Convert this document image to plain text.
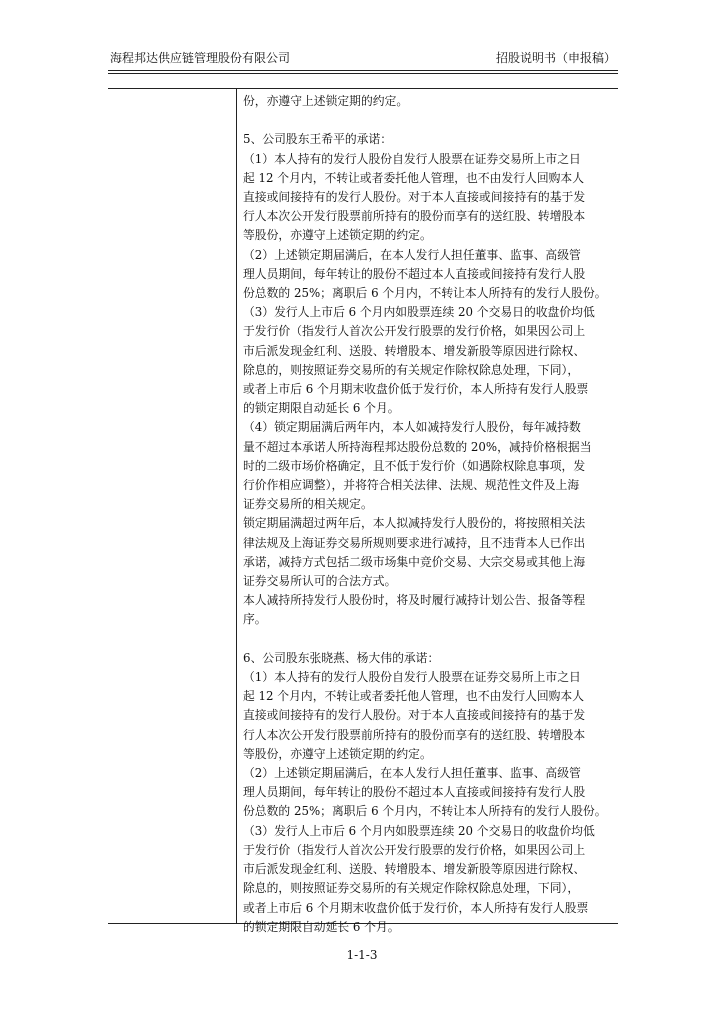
海程邦达供应链管理股份有限公司	招股说明书（申报稿）

份，亦遵守上述锁定期的约定。

5、公司股东王希平的承诺：

（1）本人持有的发行人股份自发行人股票在证券交易所上市之日

起 12 个月内，不转让或者委托他人管理，也不由发行人回购本人

直接或间接持有的发行人股份。对于本人直接或间接持有的基于发

行人本次公开发行股票前所持有的股份而享有的送红股、转增股本

等股份，亦遵守上述锁定期的约定。

（2）上述锁定期届满后，在本人发行人担任董事、监事、高级管

理人员期间，每年转让的股份不超过本人直接或间接持有发行人股

份总数的 25%；离职后 6 个月内，不转让本人所持有的发行人股份。

（3）发行人上市后 6 个月内如股票连续 20 个交易日的收盘价均低

于发行价（指发行人首次公开发行股票的发行价格，如果因公司上

市后派发现金红利、送股、转增股本、增发新股等原因进行除权、

除息的，则按照证券交易所的有关规定作除权除息处理，下同），

或者上市后 6 个月期末收盘价低于发行价，本人所持有发行人股票

的锁定期限自动延长 6 个月。

（4）锁定期届满后两年内，本人如减持发行人股份，每年减持数

量不超过本承诺人所持海程邦达股份总数的 20%，减持价格根据当

时的二级市场价格确定，且不低于发行价（如遇除权除息事项，发

行价作相应调整），并将符合相关法律、法规、规范性文件及上海

证券交易所的相关规定。

锁定期届满超过两年后，本人拟减持发行人股份的，将按照相关法

律法规及上海证券交易所规则要求进行减持，且不违背本人已作出

承诺，减持方式包括二级市场集中竞价交易、大宗交易或其他上海

证券交易所认可的合法方式。

本人减持所持发行人股份时，将及时履行减持计划公告、报备等程

序。

6、公司股东张晓燕、杨大伟的承诺：

（1）本人持有的发行人股份自发行人股票在证券交易所上市之日

起 12 个月内，不转让或者委托他人管理，也不由发行人回购本人

直接或间接持有的发行人股份。对于本人直接或间接持有的基于发

行人本次公开发行股票前所持有的股份而享有的送红股、转增股本

等股份，亦遵守上述锁定期的约定。

（2）上述锁定期届满后，在本人发行人担任董事、监事、高级管

理人员期间，每年转让的股份不超过本人直接或间接持有发行人股

份总数的 25%；离职后 6 个月内，不转让本人所持有的发行人股份。

（3）发行人上市后 6 个月内如股票连续 20 个交易日的收盘价均低

于发行价（指发行人首次公开发行股票的发行价格，如果因公司上

市后派发现金红利、送股、转增股本、增发新股等原因进行除权、

除息的，则按照证券交易所的有关规定作除权除息处理，下同），

或者上市后 6 个月期末收盘价低于发行价，本人所持有发行人股票

的锁定期限自动延长 6 个月。

1-1-3
